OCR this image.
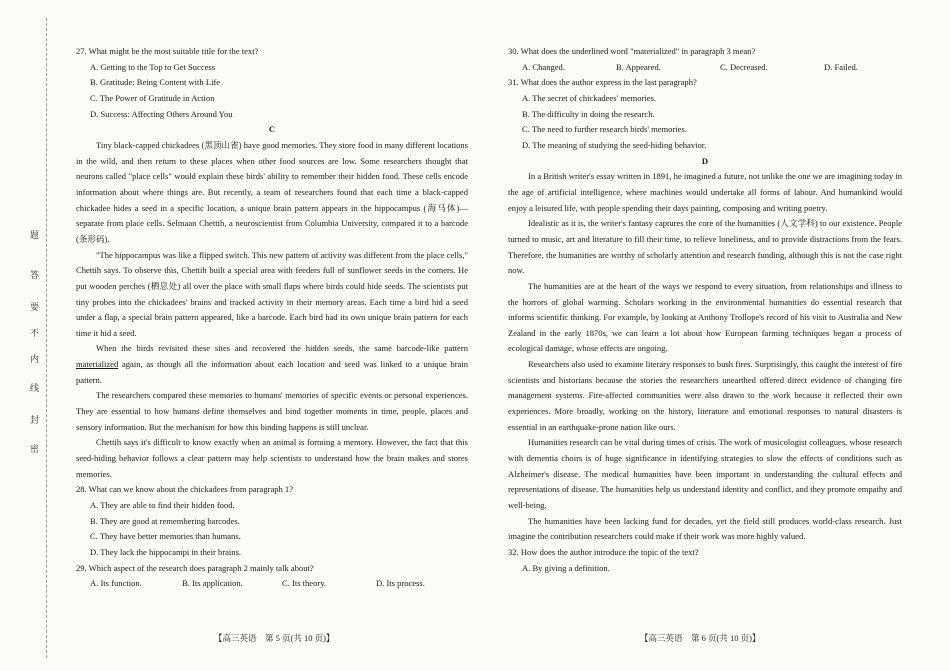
题
答
要
不
内
线
封
密

27. What might be the most suitable title for the text?

A. Getting to the Top to Get Success

B. Gratitude: Being Content with Life

C. The Power of Gratitude in Action

D. Success: Affecting Others Around You

C

Tiny black-capped chickadees (黑顶山雀) have good memories. They store food in many different locations in the wild, and then return to these places when other food sources are low. Some researchers thought that neurons called "place cells" would explain these birds' ability to remember their hidden food. These cells encode information about where things are. But recently, a team of researchers found that each time a black-capped chickadee hides a seed in a specific location, a unique brain pattern appears in the hippocampus (海马体)—separate from place cells. Selmaan Chettih, a neuroscientist from Columbia University, compared it to a barcode (条形码).

"The hippocampus was like a flipped switch. This new pattern of activity was different from the place cells," Chettih says. To observe this, Chettih built a special area with feeders full of sunflower seeds in the corners. He put wooden perches (栖息处) all over the place with small flaps where birds could hide seeds. The scientists put tiny probes into the chickadees' brains and tracked activity in their memory areas. Each time a bird hid a seed under a flap, a special brain pattern appeared, like a barcode. Each bird had its own unique brain pattern for each time it hid a seed.

When the birds revisited these sites and recovered the hidden seeds, the same barcode-like pattern materialized again, as though all the information about each location and seed was linked to a unique brain pattern.

The researchers compared these memories to humans' memories of specific events or personal experiences. They are essential to how humans define themselves and bind together moments in time, people, places and sensory information. But the mechanism for how this binding happens is still unclear.

Chettih says it's difficult to know exactly when an animal is forming a memory. However, the fact that this seed-hiding behavior follows a clear pattern may help scientists to understand how the brain makes and stores memories.

28. What can we know about the chickadees from paragraph 1?

A. They are able to find their hidden food.

B. They are good at remembering barcodes.

C. They have better memories than humans.

D. They lack the hippocampi in their brains.

29. Which aspect of the research does paragraph 2 mainly talk about?

A. Its function.	B. Its application.	C. Its theory.	D. Its process.

30. What does the underlined word "materialized" in paragraph 3 mean?

A. Changed.	B. Appeared.	C. Decreased.	D. Failed.

31. What does the author express in the last paragraph?

A. The secret of chickadees' memories.

B. The difficulty in doing the research.

C. The need to further research birds' memories.

D. The meaning of studying the seed-hiding behavior.

D

In a British writer's essay written in 1891, he imagined a future, not unlike the one we are imagining today in the age of artificial intelligence, where machines would undertake all forms of labour. And humankind would enjoy a leisured life, with people spending their days painting, composing and writing poetry.

Idealistic as it is, the writer's fantasy captures the core of the humanities (人文学科) to our existence. People turned to music, art and literature to fill their time, to relieve loneliness, and to provide distractions from the fears. Therefore, the humanities are worthy of scholarly attention and research funding, although this is not the case right now.

The humanities are at the heart of the ways we respond to every situation, from relationships and illness to the horrors of global warming. Scholars working in the environmental humanities do essential research that informs scientific thinking. For example, by looking at Anthony Trollope's record of his visit to Australia and New Zealand in the early 1870s, we can learn a lot about how European farming techniques began a process of ecological damage, whose effects are ongoing.

Researchers also used to examine literary responses to bush fires. Surprisingly, this caught the interest of fire scientists and historians because the stories the researchers unearthed offered direct evidence of changing fire management systems. Fire-affected communities were also drawn to the work because it reflected their own experiences. More broadly, working on the history, literature and emotional responses to natural disasters is essential in an earthquake-prone nation like ours.

Humanities research can be vital during times of crisis. The work of musicologist colleagues, whose research with dementia choirs is of huge significance in identifying strategies to slow the effects of conditions such as Alzheimer's disease. The medical humanities have been important in understanding the cultural effects and representations of disease. The humanities help us understand identity and conflict, and they promote empathy and well-being.

The humanities have been lacking fund for decades, yet the field still produces world-class research. Just imagine the contribution researchers could make if their work was more highly valued.

32. How does the author introduce the topic of the text?

A. By giving a definition.

【高三英语　第 5 页(共 10 页)】	【高三英语　第 6 页(共 10 页)】
